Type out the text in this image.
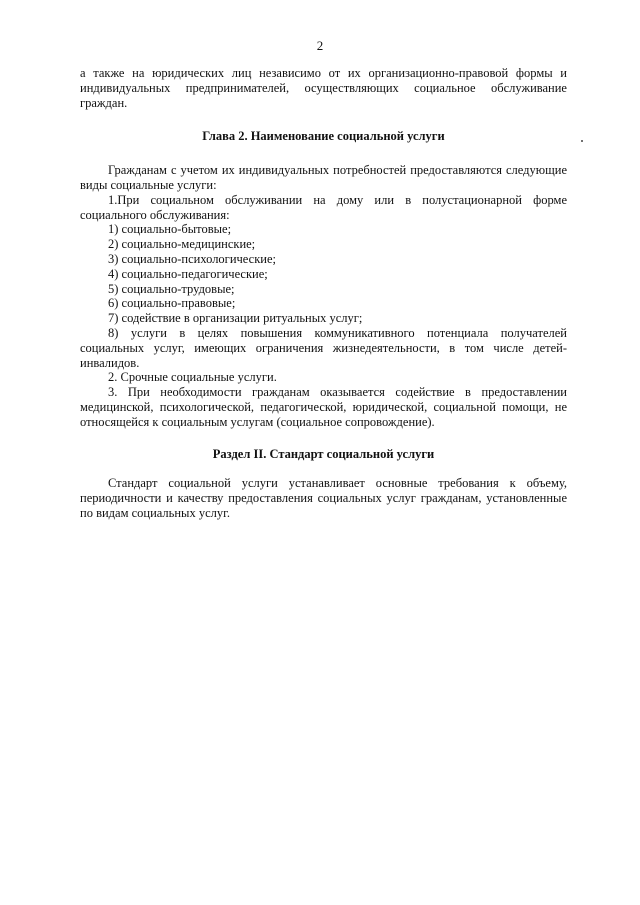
2

а также на юридических лиц независимо от их организационно-правовой формы и индивидуальных предпринимателей, осуществляющих социальное обслуживание граждан.

Глава 2. Наименование социальной услуги

Гражданам с учетом их индивидуальных потребностей предоставляются следующие виды социальные услуги:

1.При социальном обслуживании на дому или в полустационарной форме социального обслуживания:

1) социально-бытовые;

2) социально-медицинские;

3) социально-психологические;

4) социально-педагогические;

5) социально-трудовые;

6) социально-правовые;

7) содействие в организации ритуальных услуг;

8) услуги в целях повышения коммуникативного потенциала получателей социальных услуг, имеющих ограничения жизнедеятельности, в том числе детей-инвалидов.

2. Срочные социальные услуги.

3. При необходимости гражданам оказывается содействие в предоставлении медицинской, психологической, педагогической, юридической, социальной помощи, не относящейся к социальным услугам (социальное сопровождение).

Раздел II. Стандарт социальной услуги

Стандарт социальной услуги устанавливает основные требования к объему, периодичности и качеству предоставления социальных услуг гражданам, установленные по видам социальных услуг.
